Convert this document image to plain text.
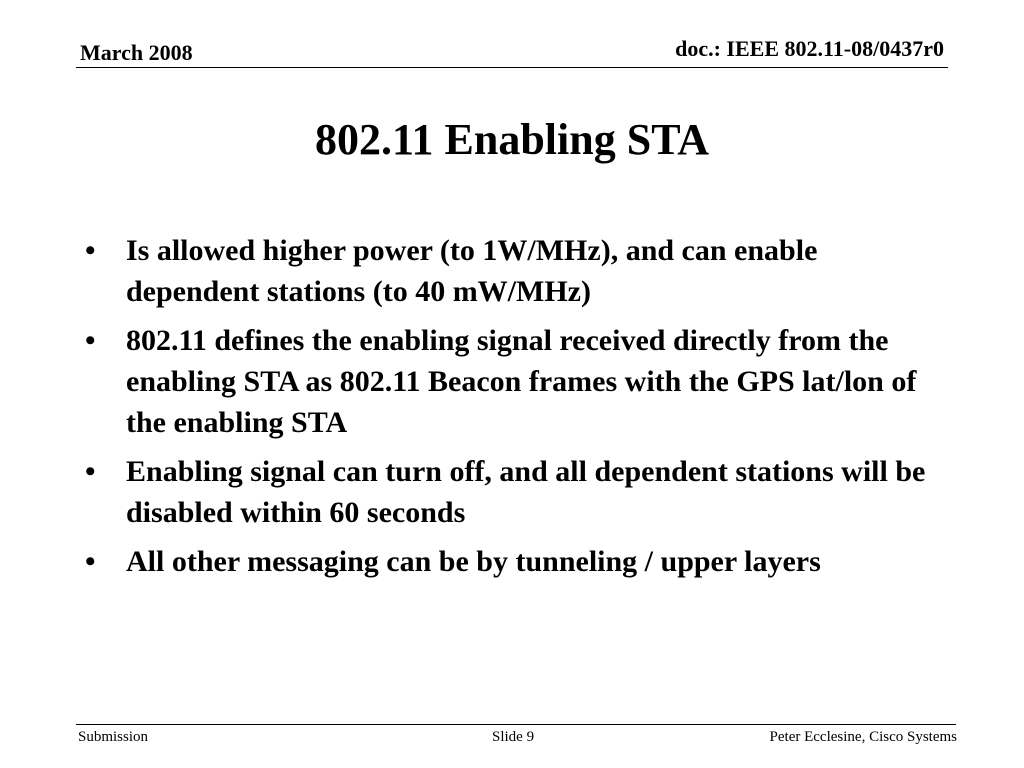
March 2008	doc.: IEEE 802.11-08/0437r0
802.11 Enabling STA
•	Is allowed higher power (to 1W/MHz), and can enable dependent stations (to 40 mW/MHz)
•	802.11 defines the enabling signal received directly from the enabling STA as 802.11 Beacon frames with the GPS lat/lon of the enabling STA
•	Enabling signal can turn off, and all dependent stations will be disabled within 60 seconds
•	All other messaging can be by tunneling / upper layers
Submission	Slide 9	Peter Ecclesine, Cisco Systems
